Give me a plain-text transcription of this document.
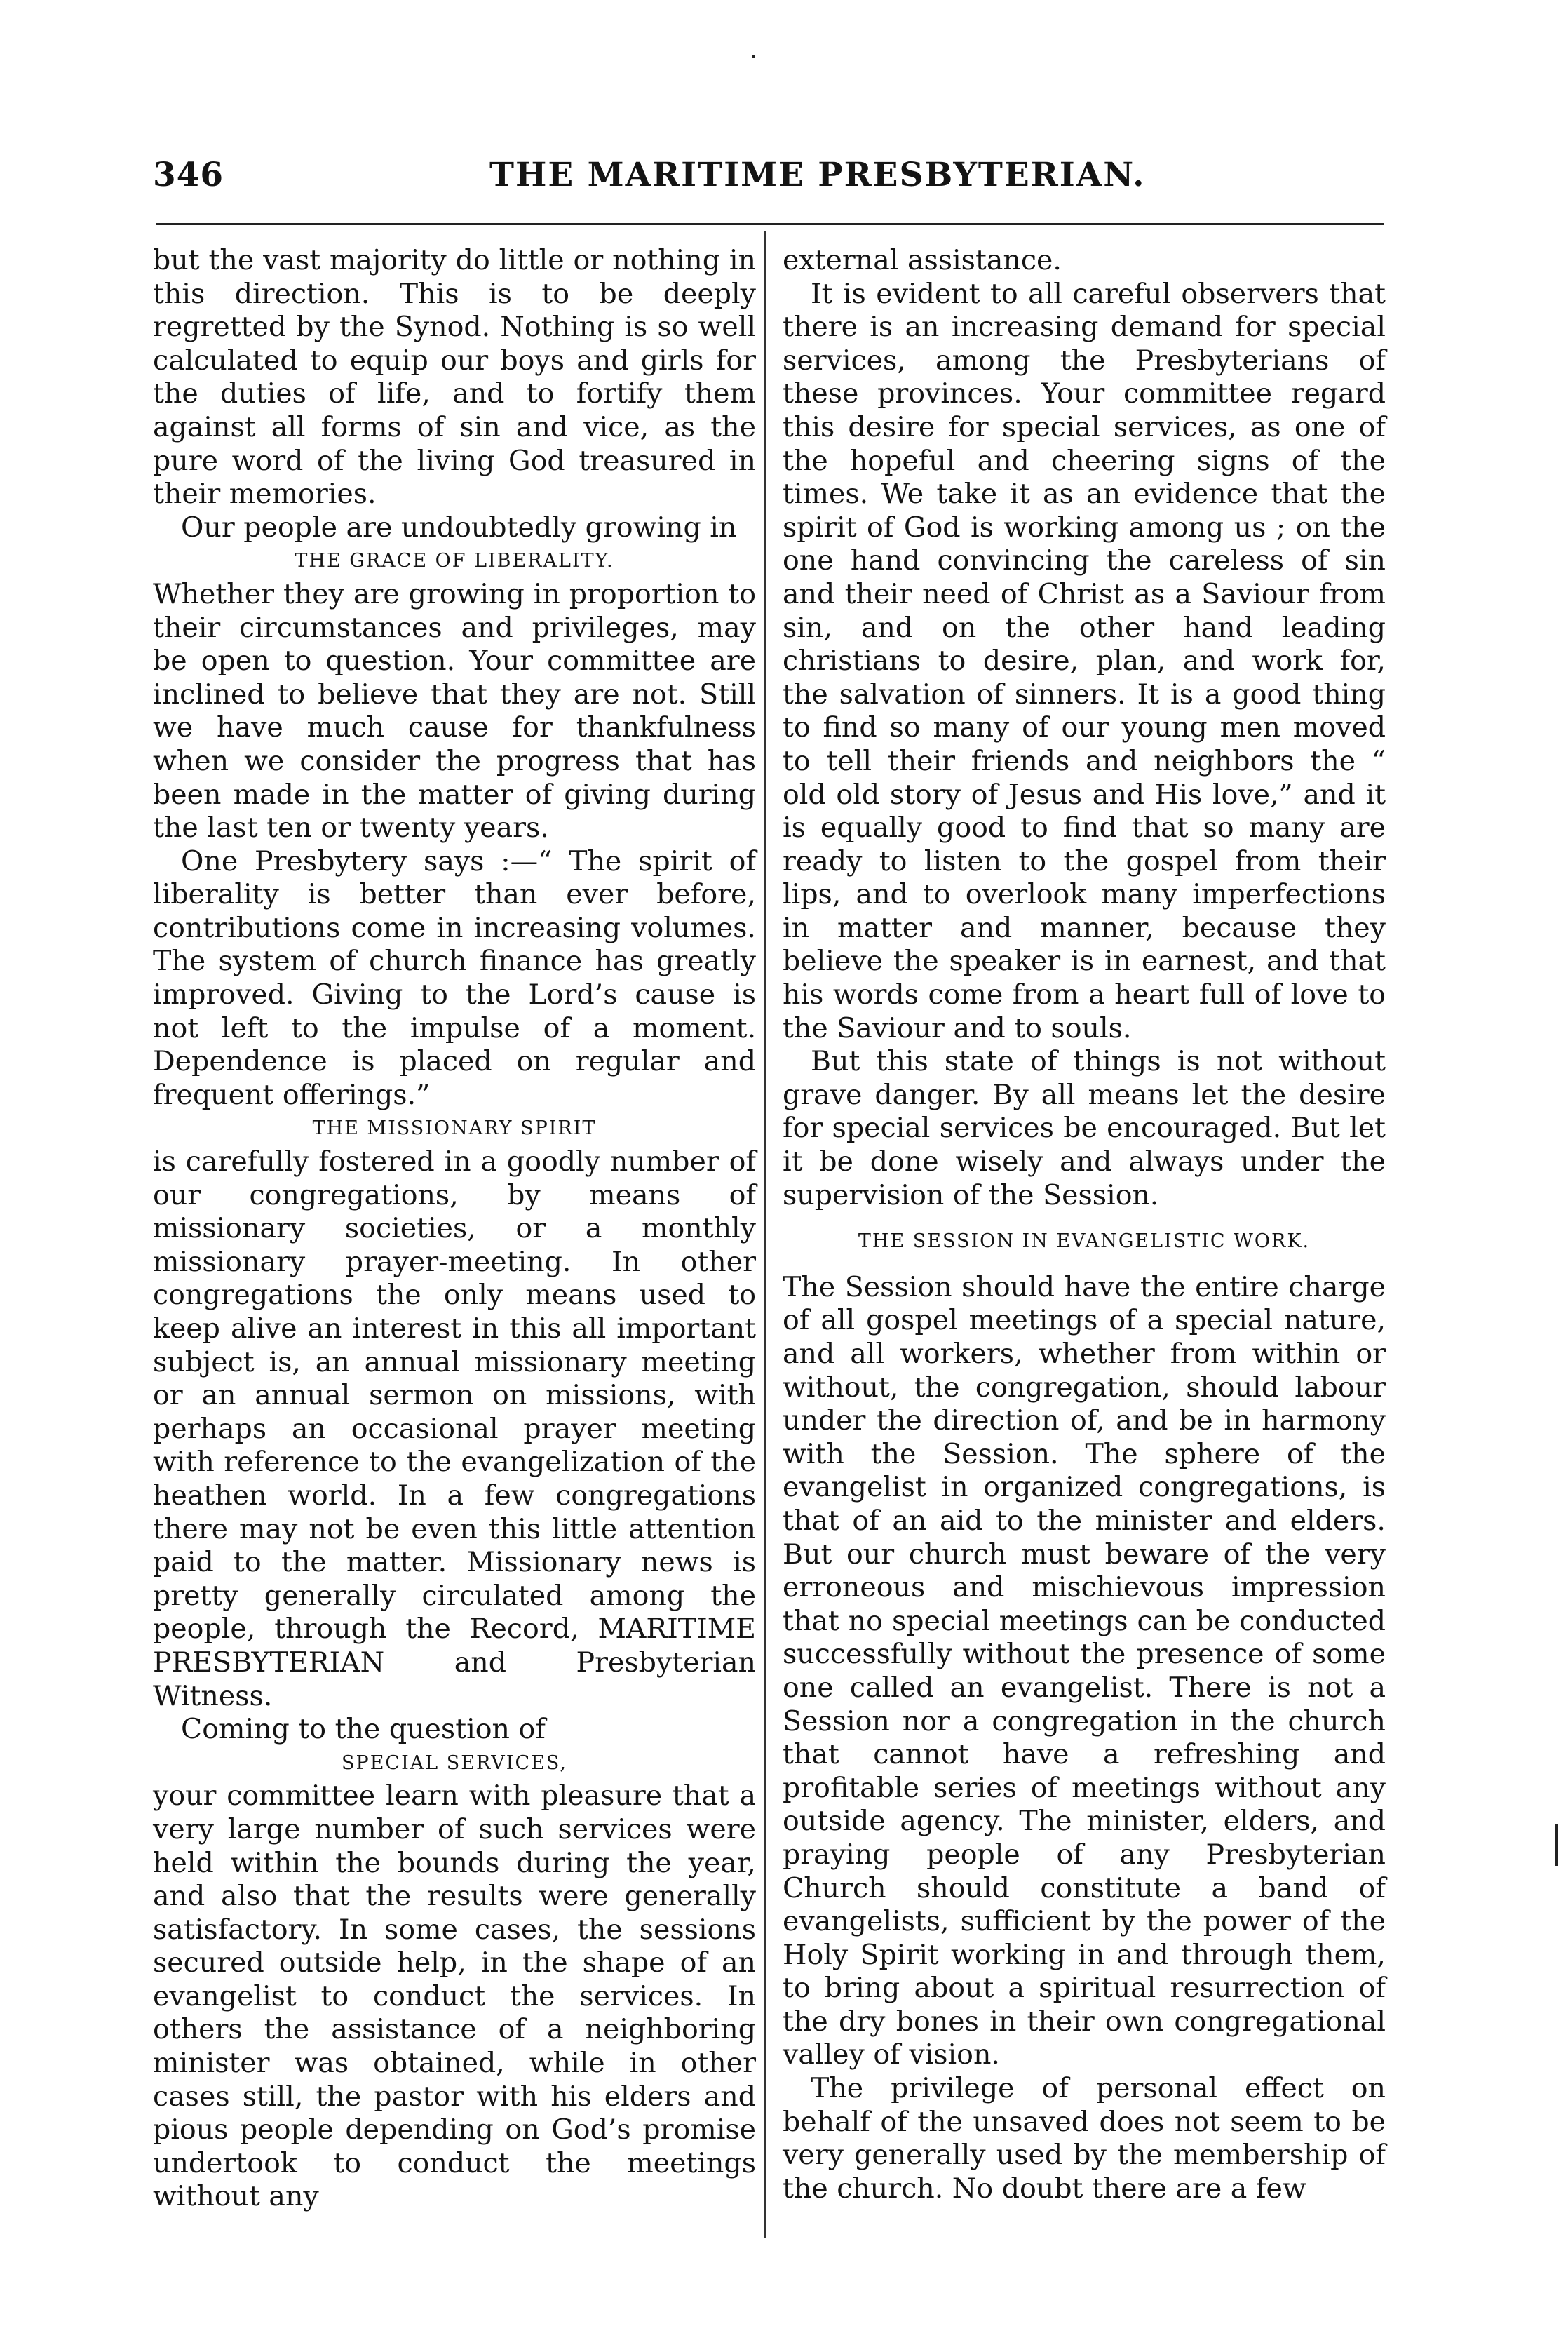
346	THE MARITIME PRESBYTERIAN.

but the vast majority do little or nothing in this direction. This is to be deeply regretted by the Synod. Nothing is so well calculated to equip our boys and girls for the duties of life, and to fortify them against all forms of sin and vice, as the pure word of the living God treasured in their memories.

Our people are undoubtedly growing in

THE GRACE OF LIBERALITY.

Whether they are growing in proportion to their circumstances and privileges, may be open to question. Your committee are inclined to believe that they are not. Still we have much cause for thankfulness when we consider the progress that has been made in the matter of giving during the last ten or twenty years.

One Presbytery says :—“ The spirit of liberality is better than ever before, contributions come in increasing volumes. The system of church finance has greatly improved. Giving to the Lord’s cause is not left to the impulse of a moment. Dependence is placed on regular and frequent offerings.”

THE MISSIONARY SPIRIT

is carefully fostered in a goodly number of our congregations, by means of missionary societies, or a monthly missionary prayer-meeting. In other congregations the only means used to keep alive an interest in this all important subject is, an annual missionary meeting or an annual sermon on missions, with perhaps an occasional prayer meeting with reference to the evangelization of the heathen world. In a few congregations there may not be even this little attention paid to the matter. Missionary news is pretty generally circulated among the people, through the Record, MARITIME PRESBYTERIAN and Presbyterian Witness.

Coming to the question of

SPECIAL SERVICES,

your committee learn with pleasure that a very large number of such services were held within the bounds during the year, and also that the results were generally satisfactory. In some cases, the sessions secured outside help, in the shape of an evangelist to conduct the services. In others the assistance of a neighboring minister was obtained, while in other cases still, the pastor with his elders and pious people depending on God’s promise undertook to conduct the meetings without any

external assistance.

It is evident to all careful observers that there is an increasing demand for special services, among the Presbyterians of these provinces. Your committee regard this desire for special services, as one of the hopeful and cheering signs of the times. We take it as an evidence that the spirit of God is working among us ; on the one hand convincing the careless of sin and their need of Christ as a Saviour from sin, and on the other hand leading christians to desire, plan, and work for, the salvation of sinners. It is a good thing to find so many of our young men moved to tell their friends and neighbors the “ old old story of Jesus and His love,” and it is equally good to find that so many are ready to listen to the gospel from their lips, and to overlook many imperfections in matter and manner, because they believe the speaker is in earnest, and that his words come from a heart full of love to the Saviour and to souls.

But this state of things is not without grave danger. By all means let the desire for special services be encouraged. But let it be done wisely and always under the supervision of the Session.

THE SESSION IN EVANGELISTIC WORK.

The Session should have the entire charge of all gospel meetings of a special nature, and all workers, whether from within or without, the congregation, should labour under the direction of, and be in harmony with the Session. The sphere of the evangelist in organized congregations, is that of an aid to the minister and elders. But our church must beware of the very erroneous and mischievous impression that no special meetings can be conducted successfully without the presence of some one called an evangelist. There is not a Session nor a congregation in the church that cannot have a refreshing and profitable series of meetings without any outside agency. The minister, elders, and praying people of any Presbyterian Church should constitute a band of evangelists, sufficient by the power of the Holy Spirit working in and through them, to bring about a spiritual resurrection of the dry bones in their own congregational valley of vision.

The privilege of personal effect on behalf of the unsaved does not seem to be very generally used by the membership of the church. No doubt there are a few
